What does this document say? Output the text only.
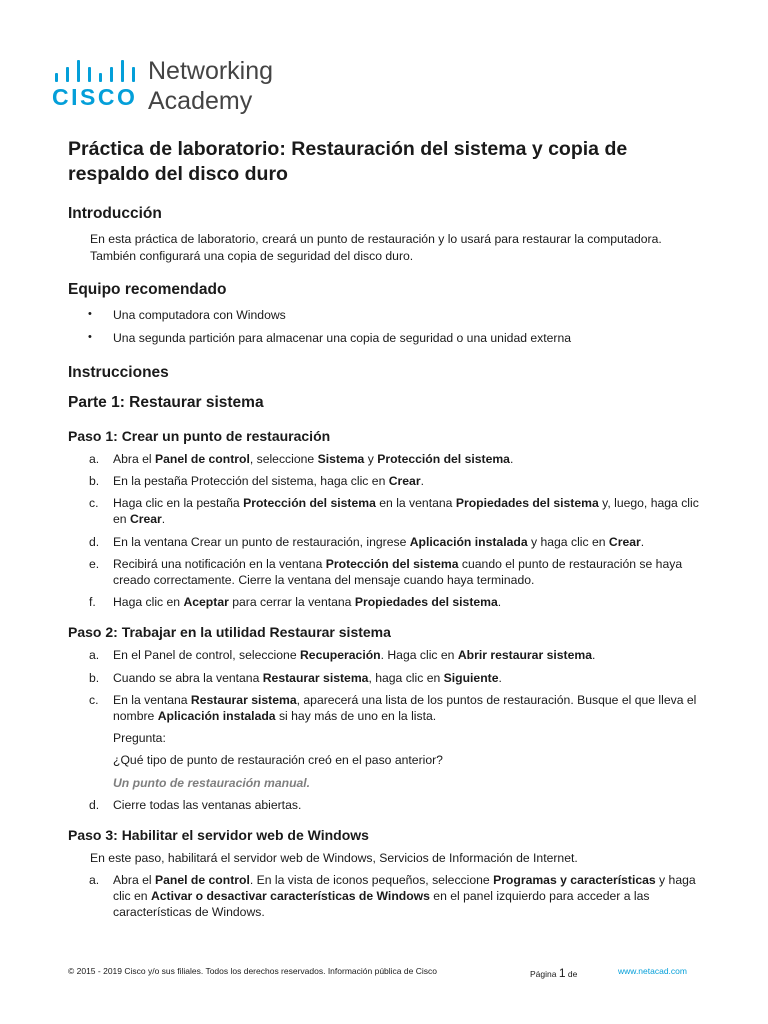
CISCO
Networking
Academy
Práctica de laboratorio: Restauración del sistema y copia de respaldo del disco duro
Introducción

En esta práctica de laboratorio, creará un punto de restauración y lo usará para restaurar la computadora. También configurará una copia de seguridad del disco duro.

Equipo recomendado
• Una computadora con Windows
• Una segunda partición para almacenar una copia de seguridad o una unidad externa
Instrucciones
Parte 1: Restaurar sistema
Paso 1: Crear un punto de restauración
a. Abra el Panel de control, seleccione Sistema y Protección del sistema.
b. En la pestaña Protección del sistema, haga clic en Crear.
c. Haga clic en la pestaña Protección del sistema en la ventana Propiedades del sistema y, luego, haga clic en Crear.
d. En la ventana Crear un punto de restauración, ingrese Aplicación instalada y haga clic en Crear.
e. Recibirá una notificación en la ventana Protección del sistema cuando el punto de restauración se haya creado correctamente. Cierre la ventana del mensaje cuando haya terminado.
f. Haga clic en Aceptar para cerrar la ventana Propiedades del sistema.
Paso 2: Trabajar en la utilidad Restaurar sistema
a. En el Panel de control, seleccione Recuperación. Haga clic en Abrir restaurar sistema.
b. Cuando se abra la ventana Restaurar sistema, haga clic en Siguiente.
c. En la ventana Restaurar sistema, aparecerá una lista de los puntos de restauración. Busque el que lleva el nombre Aplicación instalada si hay más de uno en la lista.

Pregunta:

¿Qué tipo de punto de restauración creó en el paso anterior?

Un punto de restauración manual.

d. Cierre todas las ventanas abiertas.
Paso 3: Habilitar el servidor web de Windows

En este paso, habilitará el servidor web de Windows, Servicios de Información de Internet.

a. Abra el Panel de control. En la vista de iconos pequeños, seleccione Programas y características y haga clic en Activar o desactivar características de Windows en el panel izquierdo para acceder a las características de Windows.
© 2015 - 2019 Cisco y/o sus filiales. Todos los derechos reservados. Información pública de Cisco	Página 1 de	www.netacad.com
